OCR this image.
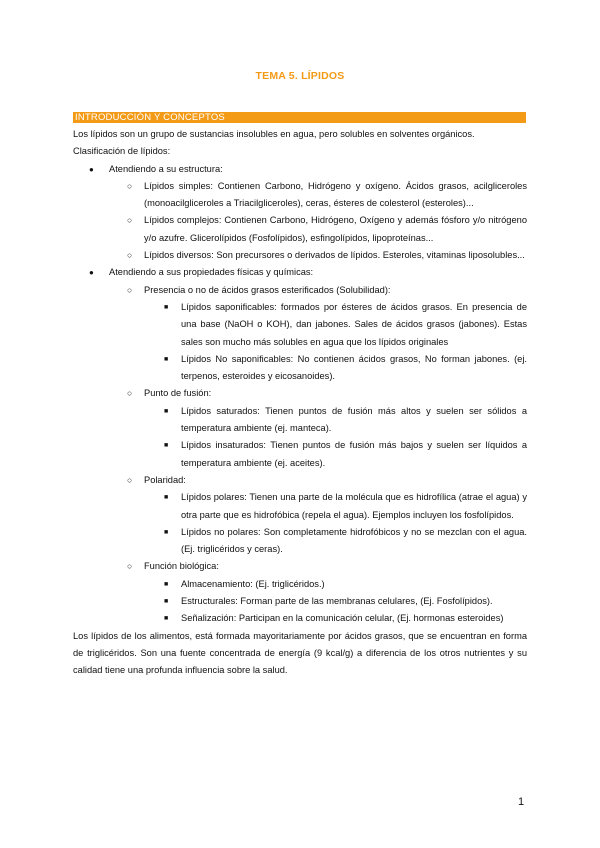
TEMA 5. LÍPIDOS
INTRODUCCIÓN Y CONCEPTOS

Los lípidos son un grupo de sustancias insolubles en agua, pero solubles en solventes orgánicos.

Clasificación de lípidos:

● Atendiendo a su estructura:
○ Lípidos simples: Contienen Carbono, Hidrógeno y oxígeno. Ácidos grasos, acilgliceroles (monoacilgliceroles a Triacilgliceroles), ceras, ésteres de colesterol (esteroles)...
○ Lípidos complejos: Contienen Carbono, Hidrógeno, Oxígeno y además fósforo y/o nitrógeno y/o azufre. Glicerolípidos (Fosfolípidos), esfingolípidos, lipoproteínas...
○ Lípidos diversos: Son precursores o derivados de lípidos. Esteroles, vitaminas liposolubles...
● Atendiendo a sus propiedades físicas y químicas:
○ Presencia o no de ácidos grasos esterificados (Solubilidad):
■ Lípidos saponificables: formados por ésteres de ácidos grasos. En presencia de una base (NaOH o KOH), dan jabones. Sales de ácidos grasos (jabones). Estas sales son mucho más solubles en agua que los lípidos originales
■ Lípidos No saponificables: No contienen ácidos grasos, No forman jabones. (ej. terpenos, esteroides y eicosanoides).
○ Punto de fusión:
■ Lípidos saturados: Tienen puntos de fusión más altos y suelen ser sólidos a temperatura ambiente (ej. manteca).
■ Lípidos insaturados: Tienen puntos de fusión más bajos y suelen ser líquidos a temperatura ambiente (ej. aceites).
○ Polaridad:
■ Lípidos polares: Tienen una parte de la molécula que es hidrofílica (atrae el agua) y otra parte que es hidrofóbica (repela el agua). Ejemplos incluyen los fosfolípidos.
■ Lípidos no polares: Son completamente hidrofóbicos y no se mezclan con el agua. (Ej. triglicéridos y ceras).
○ Función biológica:
■ Almacenamiento: (Ej. triglicéridos.)
■ Estructurales: Forman parte de las membranas celulares, (Ej. Fosfolípidos).
■ Señalización: Participan en la comunicación celular, (Ej. hormonas esteroides)

Los lípidos de los alimentos, está formada mayoritariamente por ácidos grasos, que se encuentran en forma de triglicéridos. Son una fuente concentrada de energía (9 kcal/g) a diferencia de los otros nutrientes y su calidad tiene una profunda influencia sobre la salud.

1
